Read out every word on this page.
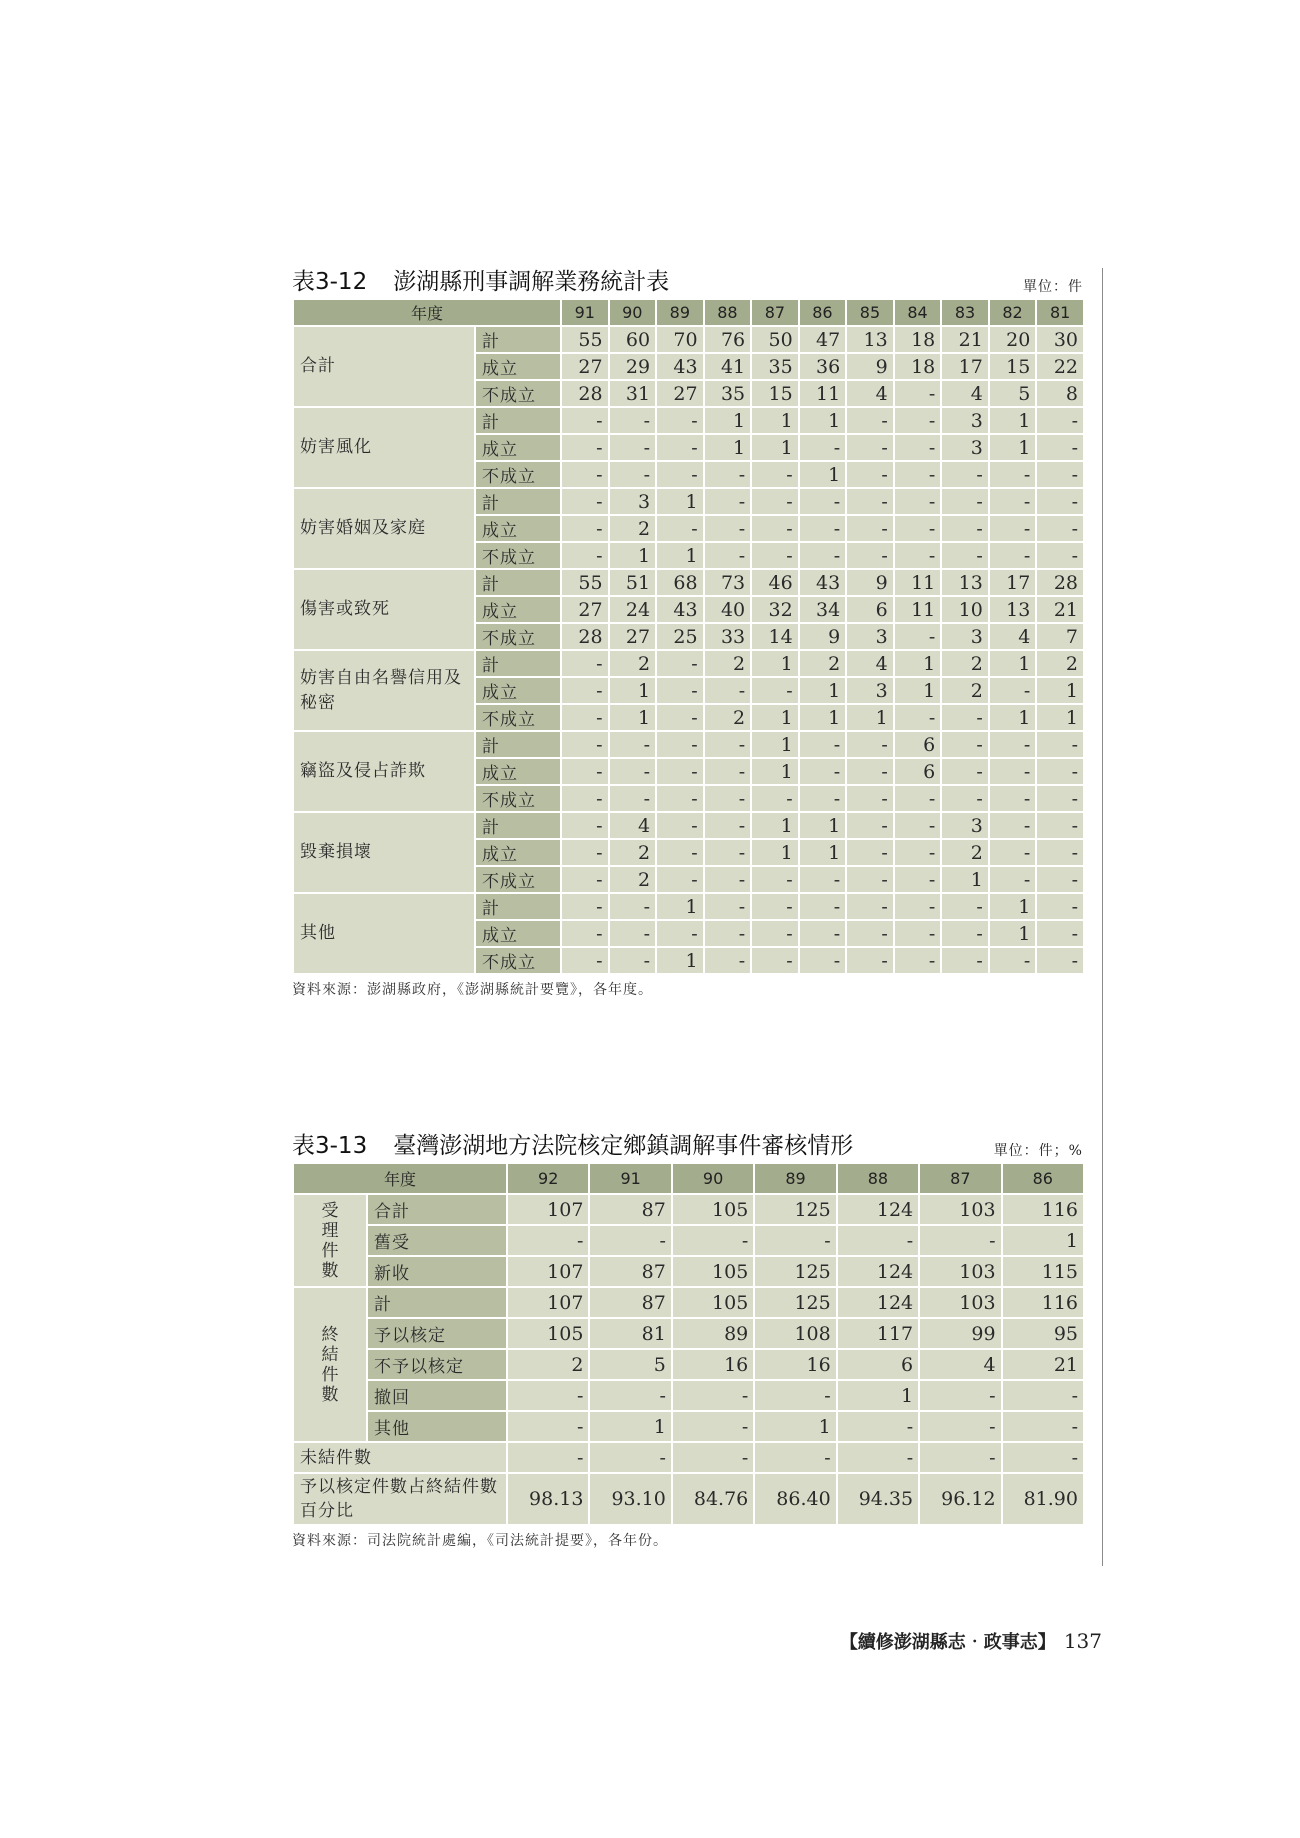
表3-12 澎湖縣刑事調解業務統計表	單位：件
年度		91	90	89	88	87	86	85	84	83	82	81
合計	計	55	60	70	76	50	47	13	18	21	20	30
	成立	27	29	43	41	35	36	9	18	17	15	22
	不成立	28	31	27	35	15	11	4	-	4	5	8
妨害風化	計	-	-	-	1	1	1	-	-	3	1	-
	成立	-	-	-	1	1	-	-	-	3	1	-
	不成立	-	-	-	-	-	1	-	-	-	-	-
妨害婚姻及家庭	計	-	3	1	-	-	-	-	-	-	-	-
	成立	-	2	-	-	-	-	-	-	-	-	-
	不成立	-	1	1	-	-	-	-	-	-	-	-
傷害或致死	計	55	51	68	73	46	43	9	11	13	17	28
	成立	27	24	43	40	32	34	6	11	10	13	21
	不成立	28	27	25	33	14	9	3	-	3	4	7
妨害自由名譽信用及秘密	計	-	2	-	2	1	2	4	1	2	1	2
	成立	-	1	-	-	-	1	3	1	2	-	1
	不成立	-	1	-	2	1	1	1	-	-	1	1
竊盜及侵占詐欺	計	-	-	-	-	1	-	-	6	-	-	-
	成立	-	-	-	-	1	-	-	6	-	-	-
	不成立	-	-	-	-	-	-	-	-	-	-	-
毀棄損壞	計	-	4	-	-	1	1	-	-	3	-	-
	成立	-	2	-	-	1	1	-	-	2	-	-
	不成立	-	2	-	-	-	-	-	-	1	-	-
其他	計	-	-	1	-	-	-	-	-	-	1	-
	成立	-	-	-	-	-	-	-	-	-	1	-
	不成立	-	-	1	-	-	-	-	-	-	-	-
資料來源：澎湖縣政府，《澎湖縣統計要覽》，各年度。
表3-13 臺灣澎湖地方法院核定鄉鎮調解事件審核情形	單位：件；%
年度		92	91	90	89	88	87	86

受
理
件
數	合計	107	87	105	125	124	103	116
	舊受	-	-	-	-	-	-	1
	新收	107	87	105	125	124	103	115

終
結
件
數	計	107	87	105	125	124	103	116
	予以核定	105	81	89	108	117	99	95
	不予以核定	2	5	16	16	6	4	21
	撤回	-	-	-	-	1	-	-
	其他	-	1	-	1	-	-	-
未結件數		-	-	-	-	-	-	-
予以核定件數占終結件數百分比		98.13	93.10	84.76	86.40	94.35	96.12	81.90
資料來源：司法院統計處編，《司法統計提要》，各年份。
【續修澎湖縣志‧政事志】 137
